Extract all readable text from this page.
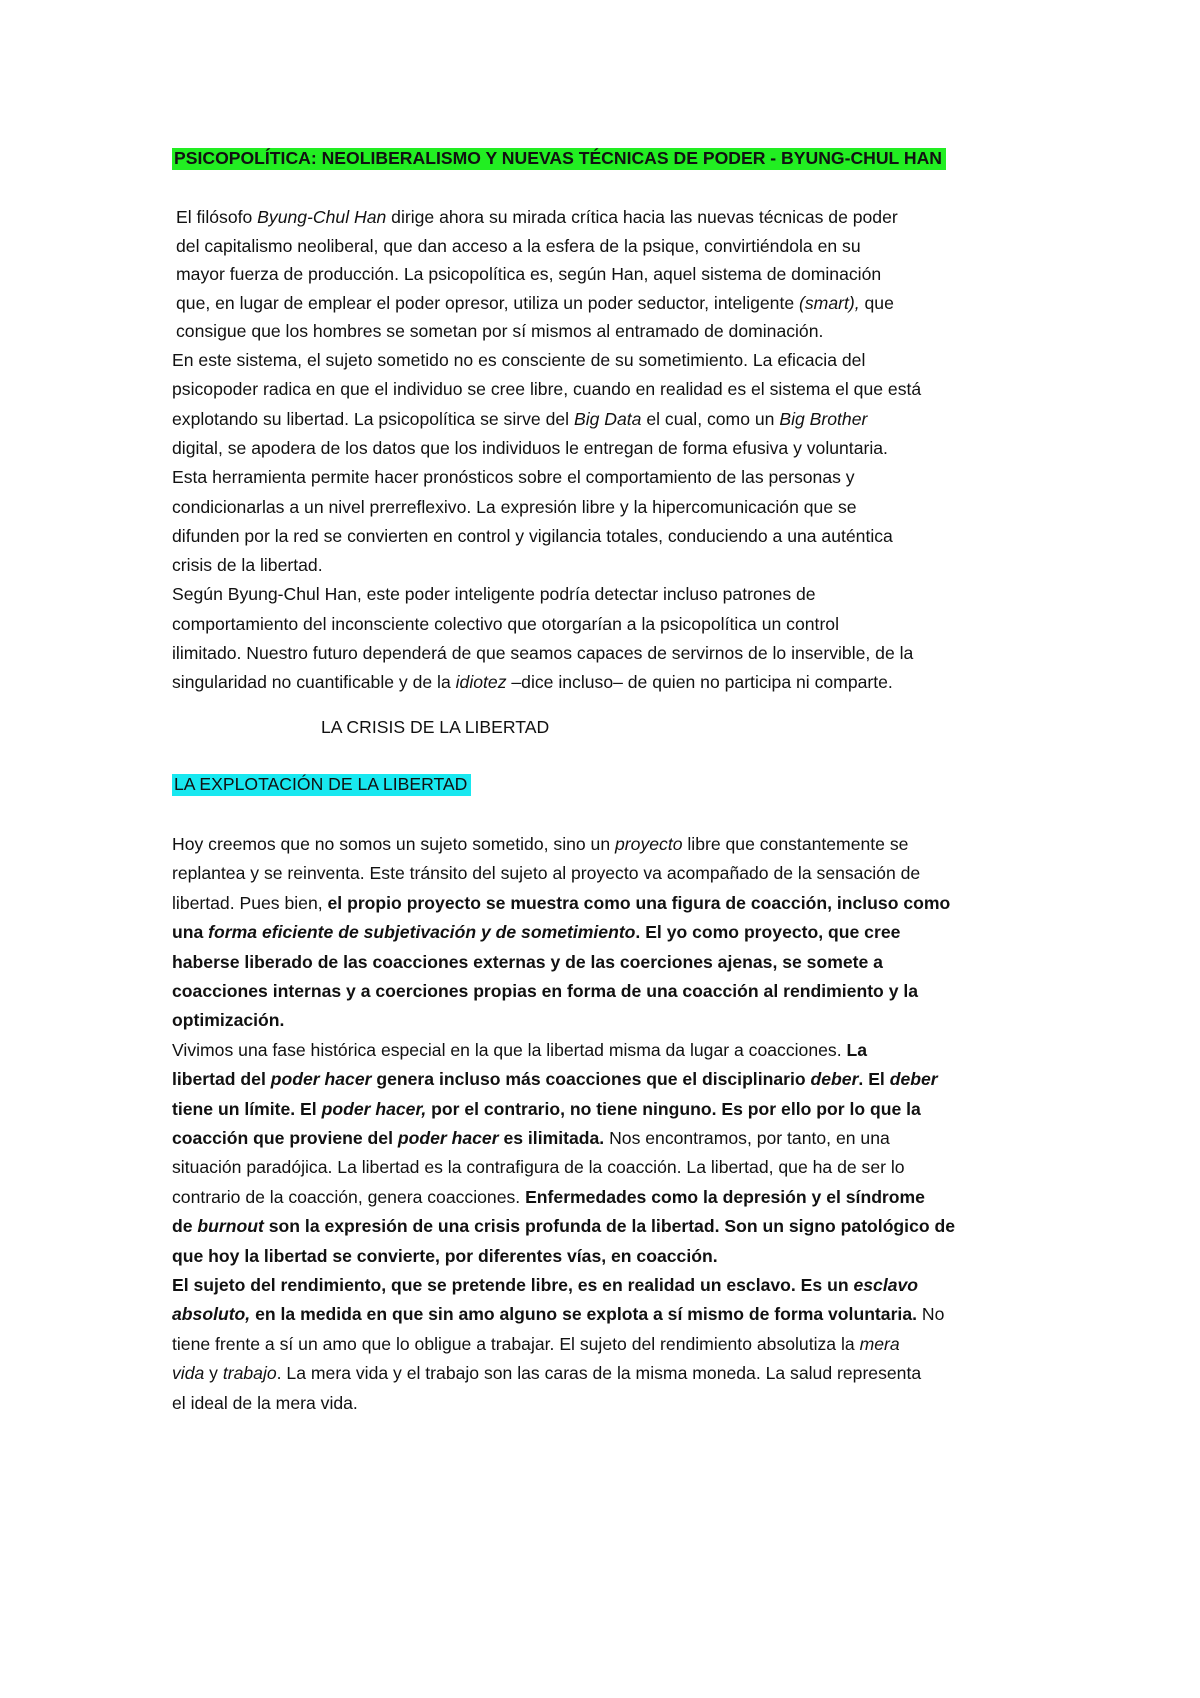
PSICOPOLÍTICA: NEOLIBERALISMO Y NUEVAS TÉCNICAS DE PODER - BYUNG-CHUL HAN

El filósofo Byung-Chul Han dirige ahora su mirada crítica hacia las nuevas técnicas de poder

del capitalismo neoliberal, que dan acceso a la esfera de la psique, convirtiéndola en su

mayor fuerza de producción. La psicopolítica es, según Han, aquel sistema de dominación

que, en lugar de emplear el poder opresor, utiliza un poder seductor, inteligente (smart), que

consigue que los hombres se sometan por sí mismos al entramado de dominación.

En este sistema, el sujeto sometido no es consciente de su sometimiento. La eficacia del

psicopoder radica en que el individuo se cree libre, cuando en realidad es el sistema el que está

explotando su libertad. La psicopolítica se sirve del Big Data el cual, como un Big Brother

digital, se apodera de los datos que los individuos le entregan de forma efusiva y voluntaria.

Esta herramienta permite hacer pronósticos sobre el comportamiento de las personas y

condicionarlas a un nivel prerreflexivo. La expresión libre y la hipercomunicación que se

difunden por la red se convierten en control y vigilancia totales, conduciendo a una auténtica

crisis de la libertad.

Según Byung-Chul Han, este poder inteligente podría detectar incluso patrones de

comportamiento del inconsciente colectivo que otorgarían a la psicopolítica un control

ilimitado. Nuestro futuro dependerá de que seamos capaces de servirnos de lo inservible, de la

singularidad no cuantificable y de la idiotez –dice incluso– de quien no participa ni comparte.

LA CRISIS DE LA LIBERTAD

LA EXPLOTACIÓN DE LA LIBERTAD

Hoy creemos que no somos un sujeto sometido, sino un proyecto libre que constantemente se

replantea y se reinventa. Este tránsito del sujeto al proyecto va acompañado de la sensación de

libertad. Pues bien, el propio proyecto se muestra como una figura de coacción, incluso como

una forma eficiente de subjetivación y de sometimiento. El yo como proyecto, que cree

haberse liberado de las coacciones externas y de las coerciones ajenas, se somete a

coacciones internas y a coerciones propias en forma de una coacción al rendimiento y la

optimización.

Vivimos una fase histórica especial en la que la libertad misma da lugar a coacciones. La

libertad del poder hacer genera incluso más coacciones que el disciplinario deber. El deber

tiene un límite. El poder hacer, por el contrario, no tiene ninguno. Es por ello por lo que la

coacción que proviene del poder hacer es ilimitada. Nos encontramos, por tanto, en una

situación paradójica. La libertad es la contrafigura de la coacción. La libertad, que ha de ser lo

contrario de la coacción, genera coacciones. Enfermedades como la depresión y el síndrome

de burnout son la expresión de una crisis profunda de la libertad. Son un signo patológico de

que hoy la libertad se convierte, por diferentes vías, en coacción.

El sujeto del rendimiento, que se pretende libre, es en realidad un esclavo. Es un esclavo

absoluto, en la medida en que sin amo alguno se explota a sí mismo de forma voluntaria. No

tiene frente a sí un amo que lo obligue a trabajar. El sujeto del rendimiento absolutiza la mera

vida y trabajo. La mera vida y el trabajo son las caras de la misma moneda. La salud representa

el ideal de la mera vida.
